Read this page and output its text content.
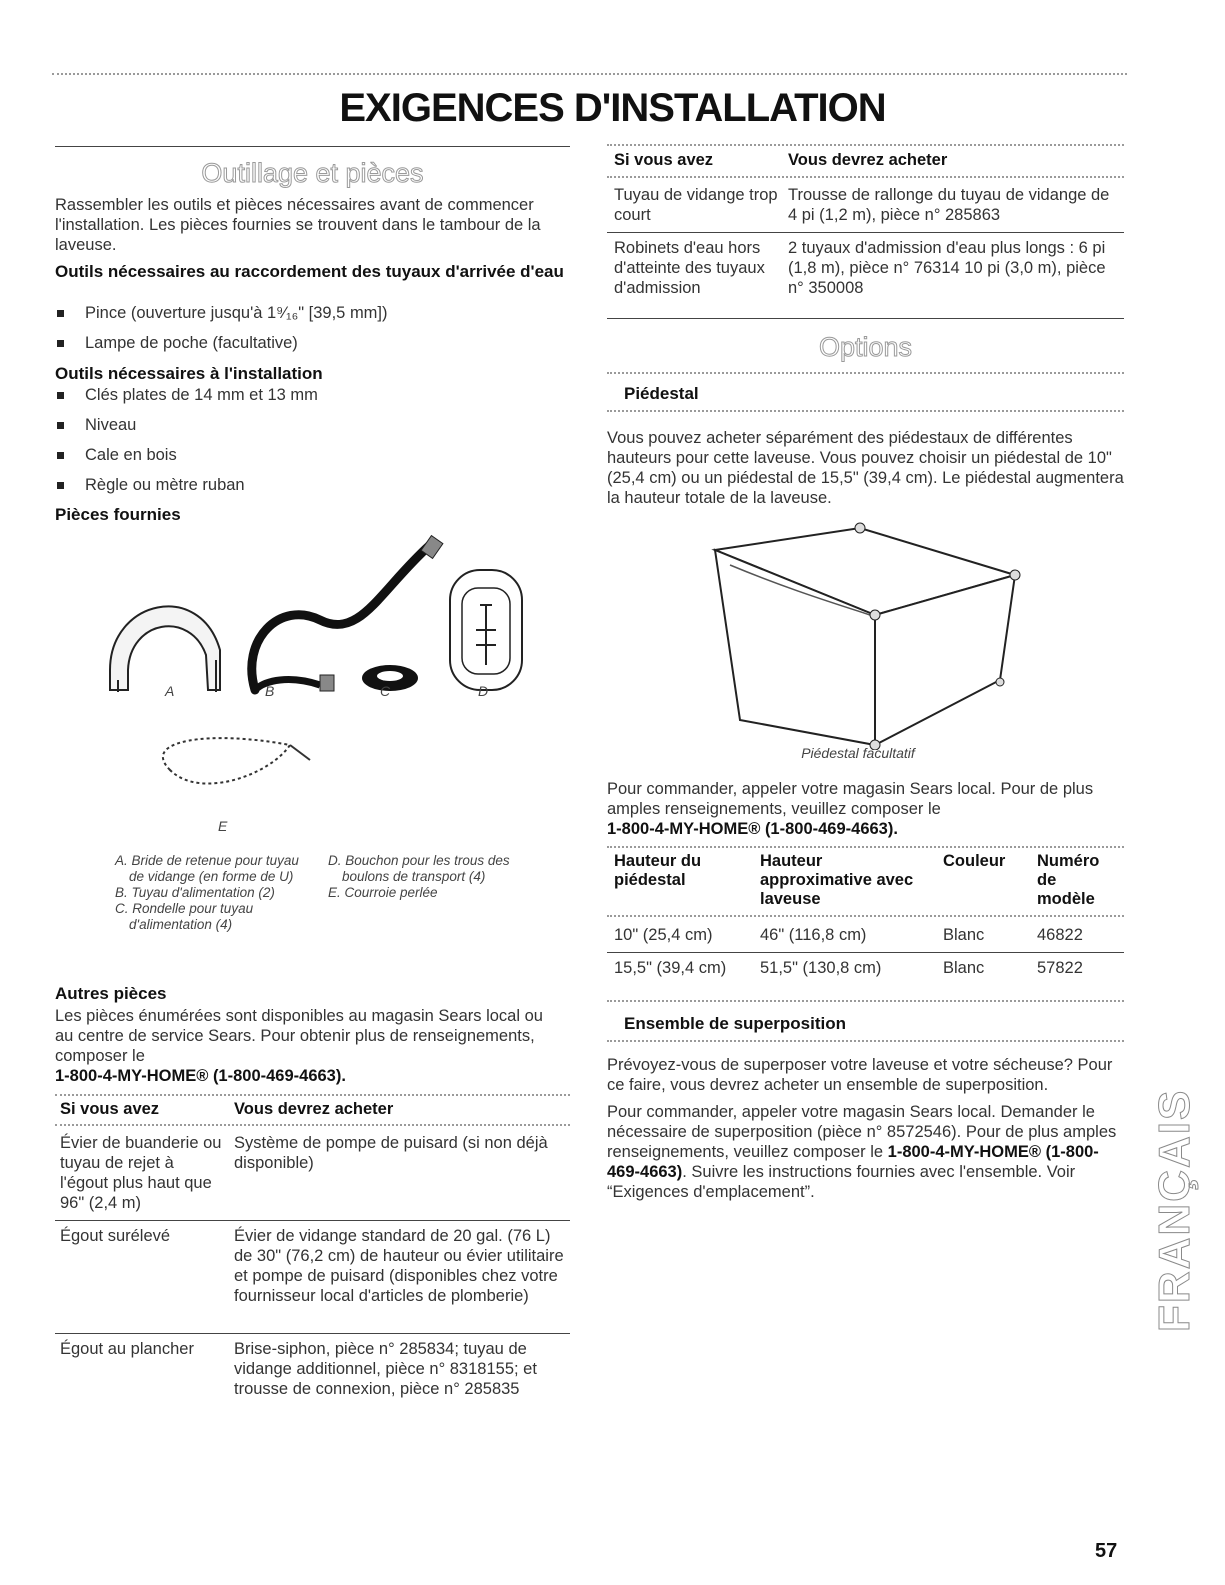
EXIGENCES D'INSTALLATION
Outillage et pièces
Rassembler les outils et pièces nécessaires avant de commencer l'installation. Les pièces fournies se trouvent dans le tambour de la laveuse.
Outils nécessaires au raccordement des tuyaux d'arrivée d'eau
Pince (ouverture jusqu'à 1⁹⁄₁₆" [39,5 mm])
Lampe de poche (facultative)
Outils nécessaires à l'installation
Clés plates de 14 mm et 13 mm
Niveau
Cale en bois
Règle ou mètre ruban
Pièces fournies
A	B	C	D
E
A. Bride de retenue pour tuyau de vidange (en forme de U)
B. Tuyau d'alimentation (2)
C. Rondelle pour tuyau d'alimentation (4)
D. Bouchon pour les trous des boulons de transport (4)
E. Courroie perlée
Autres pièces
Les pièces énumérées sont disponibles au magasin Sears local ou au centre de service Sears. Pour obtenir plus de renseignements, composer le
1-800-4-MY-HOME® (1-800-469-4663).
Si vous avez	Vous devrez acheter
Évier de buanderie ou tuyau de rejet à l'égout plus haut que 96" (2,4 m)
Système de pompe de puisard (si non déjà disponible)
Égout surélevé	Évier de vidange standard de 20 gal. (76 L) de 30" (76,2 cm) de hauteur ou évier utilitaire et pompe de puisard (disponibles chez votre fournisseur local d'articles de plomberie)
Égout au plancher	Brise-siphon, pièce n° 285834; tuyau de vidange additionnel, pièce n° 8318155; et trousse de connexion, pièce n° 285835
Si vous avez	Vous devrez acheter
Tuyau de vidange trop court
Trousse de rallonge du tuyau de vidange de 4 pi (1,2 m), pièce n° 285863
Robinets d'eau hors d'atteinte des tuyaux d'admission
2 tuyaux d'admission d'eau plus longs : 6 pi (1,8 m), pièce n° 76314 10 pi (3,0 m), pièce n° 350008
Options
Piédestal
Vous pouvez acheter séparément des piédestaux de différentes hauteurs pour cette laveuse. Vous pouvez choisir un piédestal de 10" (25,4 cm) ou un piédestal de 15,5" (39,4 cm). Le piédestal augmentera la hauteur totale de la laveuse.
Piédestal facultatif
Pour commander, appeler votre magasin Sears local. Pour de plus amples renseignements, veuillez composer le
1-800-4-MY-HOME® (1-800-469-4663).
Hauteur du piédestal
Hauteur approximative avec laveuse
Couleur Numéro de modèle
10" (25,4 cm)	46" (116,8 cm)	Blanc	46822
15,5" (39,4 cm) 51,5" (130,8 cm)	Blanc	57822
Ensemble de superposition
Prévoyez-vous de superposer votre laveuse et votre sécheuse? Pour ce faire, vous devrez acheter un ensemble de superposition.
Pour commander, appeler votre magasin Sears local. Demander le nécessaire de superposition (pièce n° 8572546). Pour de plus amples renseignements, veuillez composer le 1-800-4-MY-HOME® (1-800-469-4663). Suivre les instructions fournies avec l'ensemble. Voir “Exigences d'emplacement”.	FRANÇAIS
57
